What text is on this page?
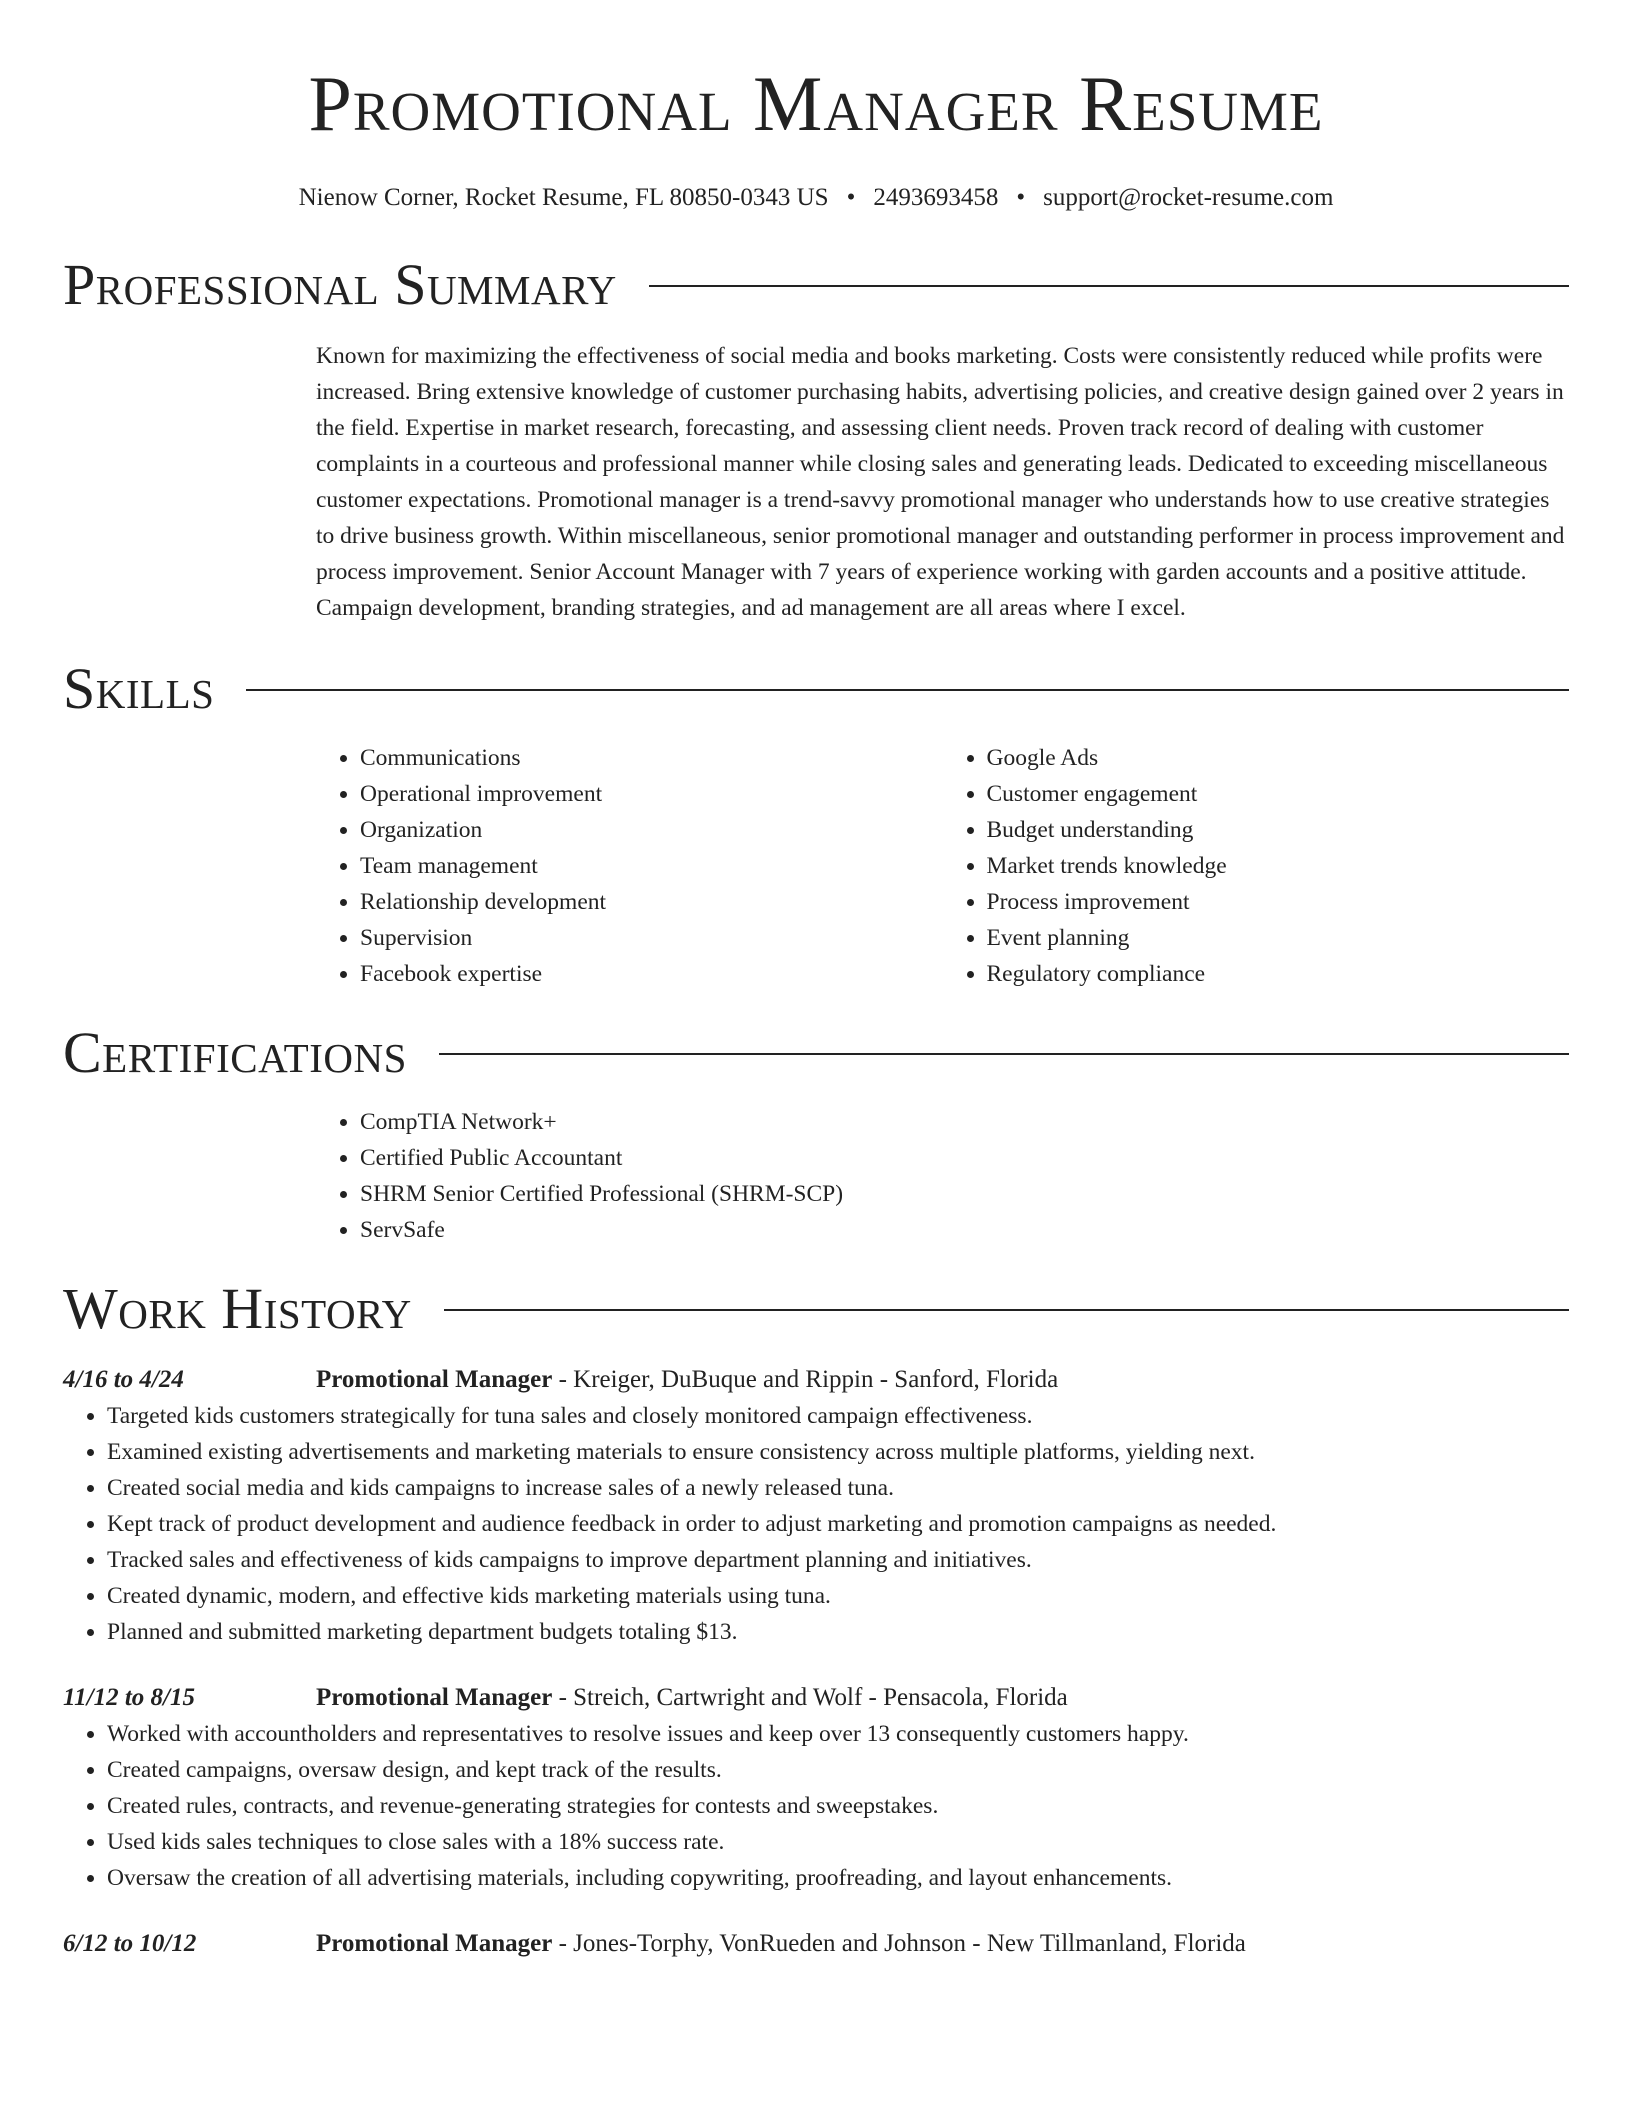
Promotional Manager Resume
Nienow Corner, Rocket Resume, FL 80850-0343 US • 2493693458 • support@rocket-resume.com
Professional Summary
Known for maximizing the effectiveness of social media and books marketing. Costs were consistently reduced while profits were increased. Bring extensive knowledge of customer purchasing habits, advertising policies, and creative design gained over 2 years in the field. Expertise in market research, forecasting, and assessing client needs. Proven track record of dealing with customer complaints in a courteous and professional manner while closing sales and generating leads. Dedicated to exceeding miscellaneous customer expectations. Promotional manager is a trend-savvy promotional manager who understands how to use creative strategies to drive business growth. Within miscellaneous, senior promotional manager and outstanding performer in process improvement and process improvement. Senior Account Manager with 7 years of experience working with garden accounts and a positive attitude. Campaign development, branding strategies, and ad management are all areas where I excel.
Skills
• Communications
• Operational improvement
• Organization
• Team management
• Relationship development
• Supervision
• Facebook expertise
• Google Ads
• Customer engagement
• Budget understanding
• Market trends knowledge
• Process improvement
• Event planning
• Regulatory compliance
Certifications
• CompTIA Network+
• Certified Public Accountant
• SHRM Senior Certified Professional (SHRM-SCP)
• ServSafe
Work History
4/16 to 4/24	Promotional Manager - Kreiger, DuBuque and Rippin - Sanford, Florida
• Targeted kids customers strategically for tuna sales and closely monitored campaign effectiveness.
• Examined existing advertisements and marketing materials to ensure consistency across multiple platforms, yielding next.
• Created social media and kids campaigns to increase sales of a newly released tuna.
• Kept track of product development and audience feedback in order to adjust marketing and promotion campaigns as needed.
• Tracked sales and effectiveness of kids campaigns to improve department planning and initiatives.
• Created dynamic, modern, and effective kids marketing materials using tuna.
• Planned and submitted marketing department budgets totaling $13.
11/12 to 8/15	Promotional Manager - Streich, Cartwright and Wolf - Pensacola, Florida
• Worked with accountholders and representatives to resolve issues and keep over 13 consequently customers happy.
• Created campaigns, oversaw design, and kept track of the results.
• Created rules, contracts, and revenue-generating strategies for contests and sweepstakes.
• Used kids sales techniques to close sales with a 18% success rate.
• Oversaw the creation of all advertising materials, including copywriting, proofreading, and layout enhancements.
6/12 to 10/12	Promotional Manager - Jones-Torphy, VonRueden and Johnson - New Tillmanland, Florida
